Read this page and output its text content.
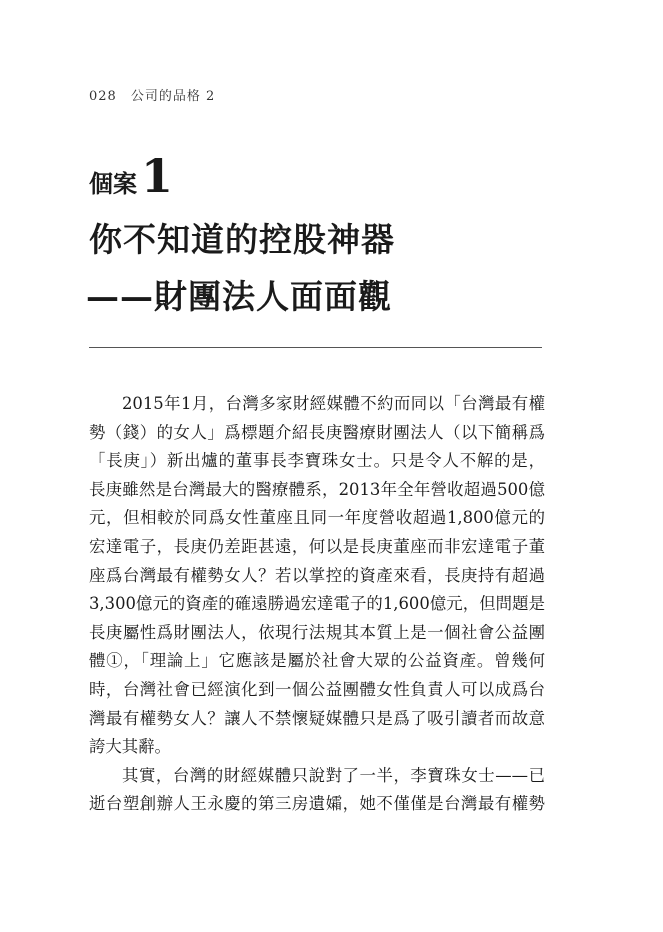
028 公司的品格 2
個案1
你不知道的控股神器
——財團法人面面觀
2015年1月，台灣多家財經媒體不約而同以「台灣最有權
勢（錢）的女人」爲標題介紹長庚醫療財團法人（以下簡稱爲
「長庚」）新出爐的董事長李寶珠女士。只是令人不解的是，
長庚雖然是台灣最大的醫療體系，2013年全年營收超過500億
元，但相較於同爲女性董座且同一年度營收超過1,800億元的
宏達電子，長庚仍差距甚遠，何以是長庚董座而非宏達電子董
座爲台灣最有權勢女人？若以掌控的資產來看，長庚持有超過
3,300億元的資產的確遠勝過宏達電子的1,600億元，但問題是
長庚屬性爲財團法人，依現行法規其本質上是一個社會公益團
體①，「理論上」它應該是屬於社會大眾的公益資產。曾幾何
時，台灣社會已經演化到一個公益團體女性負責人可以成爲台
灣最有權勢女人？讓人不禁懷疑媒體只是爲了吸引讀者而故意
誇大其辭。
其實，台灣的財經媒體只說對了一半，李寶珠女士——已
逝台塑創辦人王永慶的第三房遺孀，她不僅僅是台灣最有權勢
